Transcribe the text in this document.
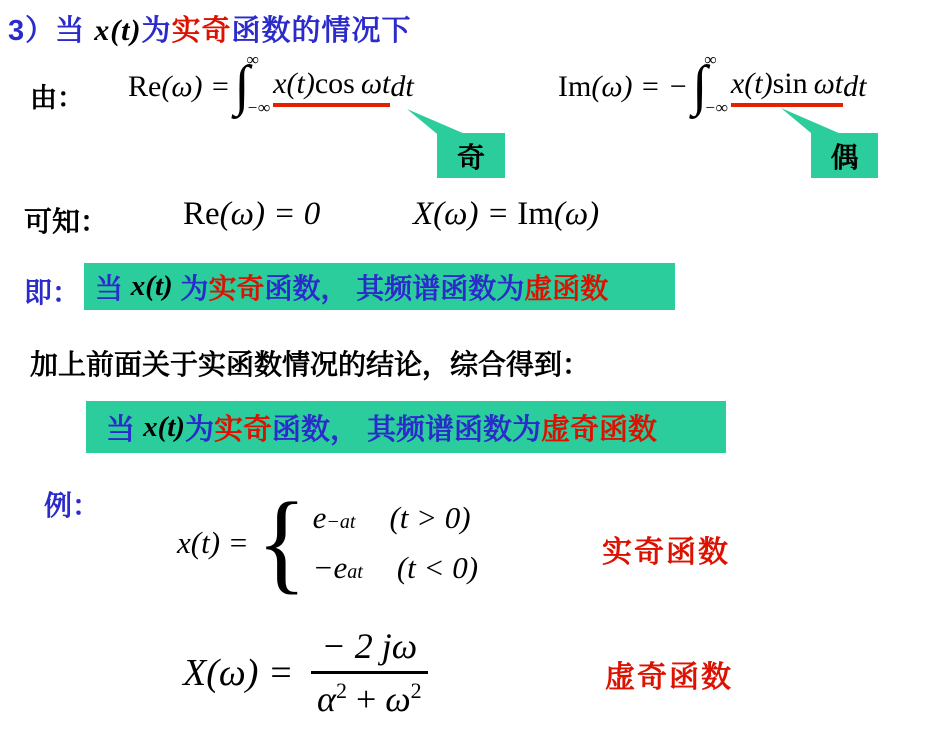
3）当 x(t)为实奇函数的情况下
由： Re (ω) = ∫
∞
−∞
x(t)cos ωt dt	Im (ω) = − ∫
∞
−∞
x(t)sin ωt dt
奇	偶
可知： Re(ω) = 0	X(ω) = Im(ω)
即： 当 x(t) 为 实奇 函数， 其频谱函数为 虚函数
加上前面关于实函数情况的结论，综合得到：
当 x(t) 为 实奇 函数， 其频谱函数为 虚奇函数
例：
x(t) = { e −at (t > 0)
−e at (t < 0)	实奇函数
X $(\omega) = \frac{- 2 j\omega}{\alpha^2 + \omega^2}$	虚奇函数
